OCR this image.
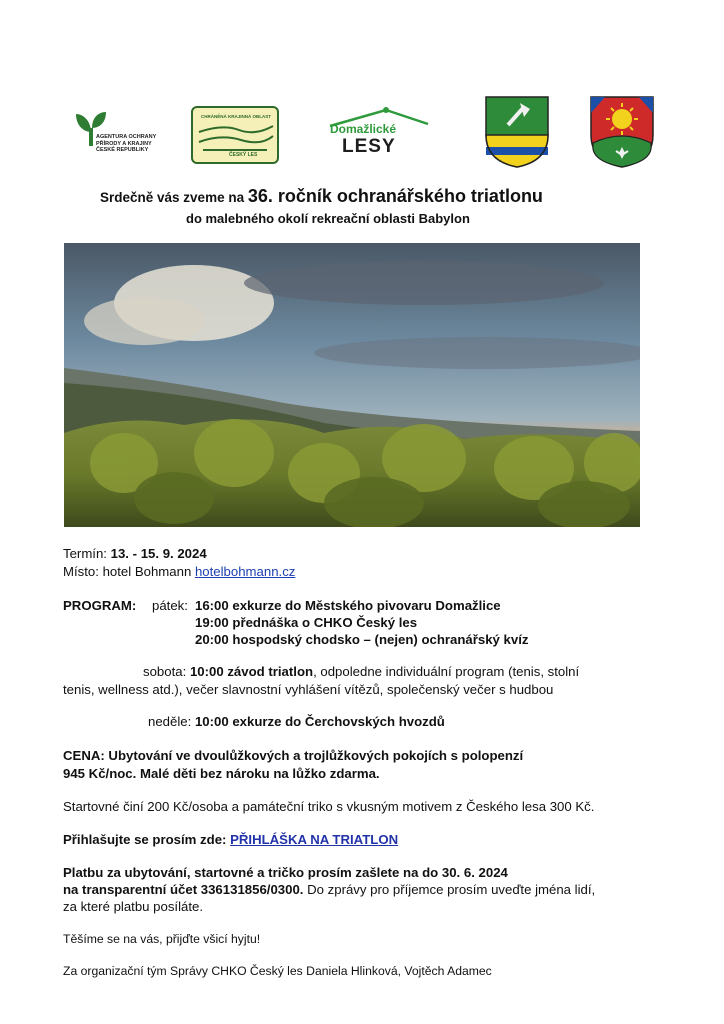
AGENTURA OCHRANY
PŘÍRODY A KRAJINY
ČESKÉ REPUBLIKY
CHRÁNĚNÁ KRAJINNÁ OBLAST
ČESKÝ LES
Domažlické
LESY
Srdečně vás zveme na 36. ročník ochranářského triatlonu
do malebného okolí rekreační oblasti Babylon
Termín: 13. - 15. 9. 2024
Místo: hotel Bohmann hotelbohmann.cz
PROGRAM: pátek: 16:00 exkurze do Městského pivovaru Domažlice
19:00 přednáška o CHKO Český les
20:00 hospodský chodsko – (nejen) ochranářský kvíz
sobota: 10:00 závod triatlon, odpoledne individuální program (tenis, stolní
tenis, wellness atd.), večer slavnostní vyhlášení vítězů, společenský večer s hudbou
neděle: 10:00 exkurze do Čerchovských hvozdů
CENA: Ubytování ve dvoulůžkových a trojlůžkových pokojích s polopenzí
945 Kč/noc. Malé děti bez nároku na lůžko zdarma.
Startovné činí 200 Kč/osoba a památeční triko s vkusným motivem z Českého lesa 300 Kč.
Přihlašujte se prosím zde: PŘIHLÁŠKA NA TRIATLON
Platbu za ubytování, startovné a tričko prosím zašlete na do 30. 6. 2024
na transparentní účet 336131856/0300. Do zprávy pro příjemce prosím uveďte jména lidí,
za které platbu posíláte.
Těšíme se na vás, přijďte všicí hyjtu!
Za organizační tým Správy CHKO Český les Daniela Hlinková, Vojtěch Adamec
